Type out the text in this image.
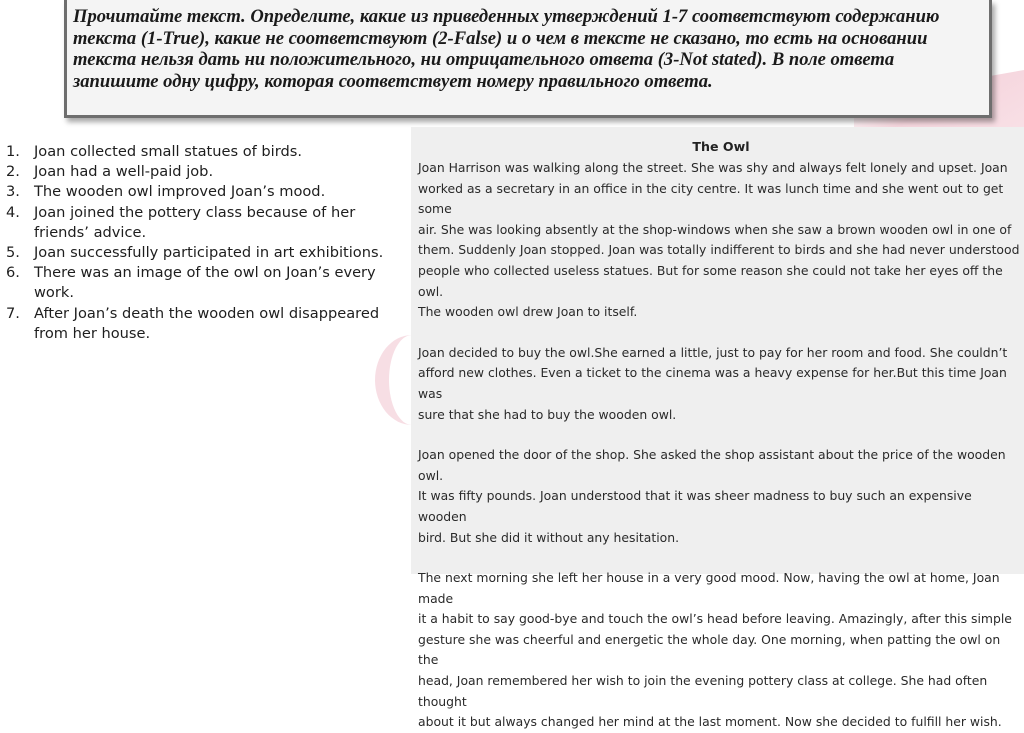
Прочитайте текст. Определите, какие из приведенных утверждений 1-7 соответствуют содержанию текста (1-True), какие не соответствуют (2-False) и о чем в тексте не сказано, то есть на основании текста нельзя дать ни положительного, ни отрицательного ответа (3-Not stated). В поле ответа запишите одну цифру, которая соответствует номеру правильного ответа.

1. Joan collected small statues of birds.
2. Joan had a well-paid job.
3. The wooden owl improved Joan’s mood.
4. Joan joined the pottery class because of her friends’ advice.
5. Joan successfully participated in art exhibitions.
6. There was an image of the owl on Joan’s every work.
7. After Joan’s death the wooden owl disappeared from her house.
The Owl

Joan Harrison was walking along the street. She was shy and always felt lonely and upset. Joan
worked as a secretary in an office in the city centre. It was lunch time and she went out to get some
air. She was looking absently at the shop-windows when she saw a brown wooden owl in one of
them. Suddenly Joan stopped. Joan was totally indifferent to birds and she had never understood
people who collected useless statues. But for some reason she could not take her eyes off the owl.
The wooden owl drew Joan to itself.

Joan decided to buy the owl.She earned a little, just to pay for her room and food. She couldn’t
afford new clothes. Even a ticket to the cinema was a heavy expense for her.But this time Joan was
sure that she had to buy the wooden owl.

Joan opened the door of the shop. She asked the shop assistant about the price of the wooden owl.
It was fifty pounds. Joan understood that it was sheer madness to buy such an expensive wooden
bird. But she did it without any hesitation.

The next morning she left her house in a very good mood. Now, having the owl at home, Joan made
it a habit to say good-bye and touch the owl’s head before leaving. Amazingly, after this simple
gesture she was cheerful and energetic the whole day. One morning, when patting the owl on the
head, Joan remembered her wish to join the evening pottery class at college. She had often thought
about it but always changed her mind at the last moment. Now she decided to fulfill her wish.
